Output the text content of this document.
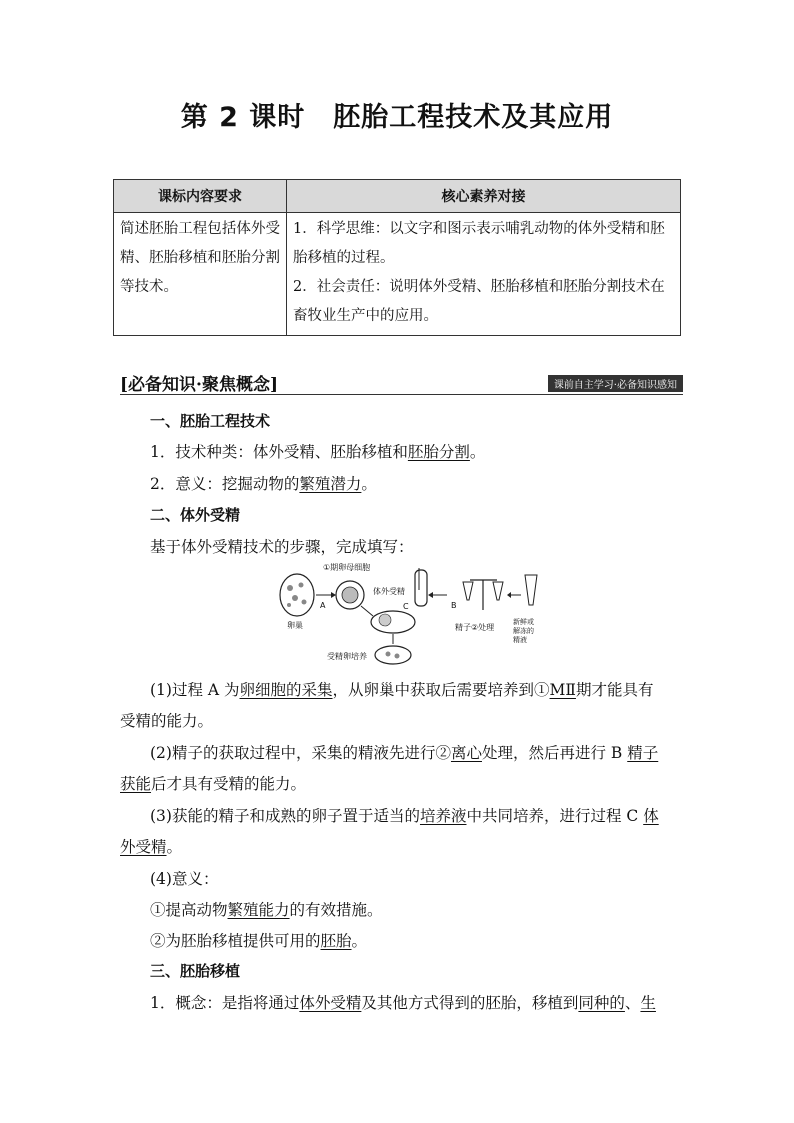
第 2 课时　胚胎工程技术及其应用
课标内容要求	核心素养对接
简述胚胎工程包括体外受精、胚胎移植和胚胎分割等技术。	1．科学思维：以文字和图示表示哺乳动物的体外受精和胚胎移植的过程。
2．社会责任：说明体外受精、胚胎移植和胚胎分割技术在畜牧业生产中的应用。
[必备知识·聚焦概念]	课前自主学习·必备知识感知
一、胚胎工程技术
1．技术种类：体外受精、胚胎移植和胚胎分割。
2．意义：挖掘动物的繁殖潜力。
二、体外受精
基于体外受精技术的步骤，完成填写：
卵巢
A
①期卵母细胞
体外受精
C	B
精子②处理
新鲜或
解冻的
精液
受精卵培养
(1)过程 A 为卵细胞的采集，从卵巢中获取后需要培养到①MⅡ期才能具有
受精的能力。
(2)精子的获取过程中，采集的精液先进行②离心处理，然后再进行 B 精子
获能后才具有受精的能力。
(3)获能的精子和成熟的卵子置于适当的培养液中共同培养，进行过程 C 体
外受精。
(4)意义：
①提高动物繁殖能力的有效措施。
②为胚胎移植提供可用的胚胎。
三、胚胎移植
1．概念：是指将通过体外受精及其他方式得到的胚胎，移植到同种的、生
